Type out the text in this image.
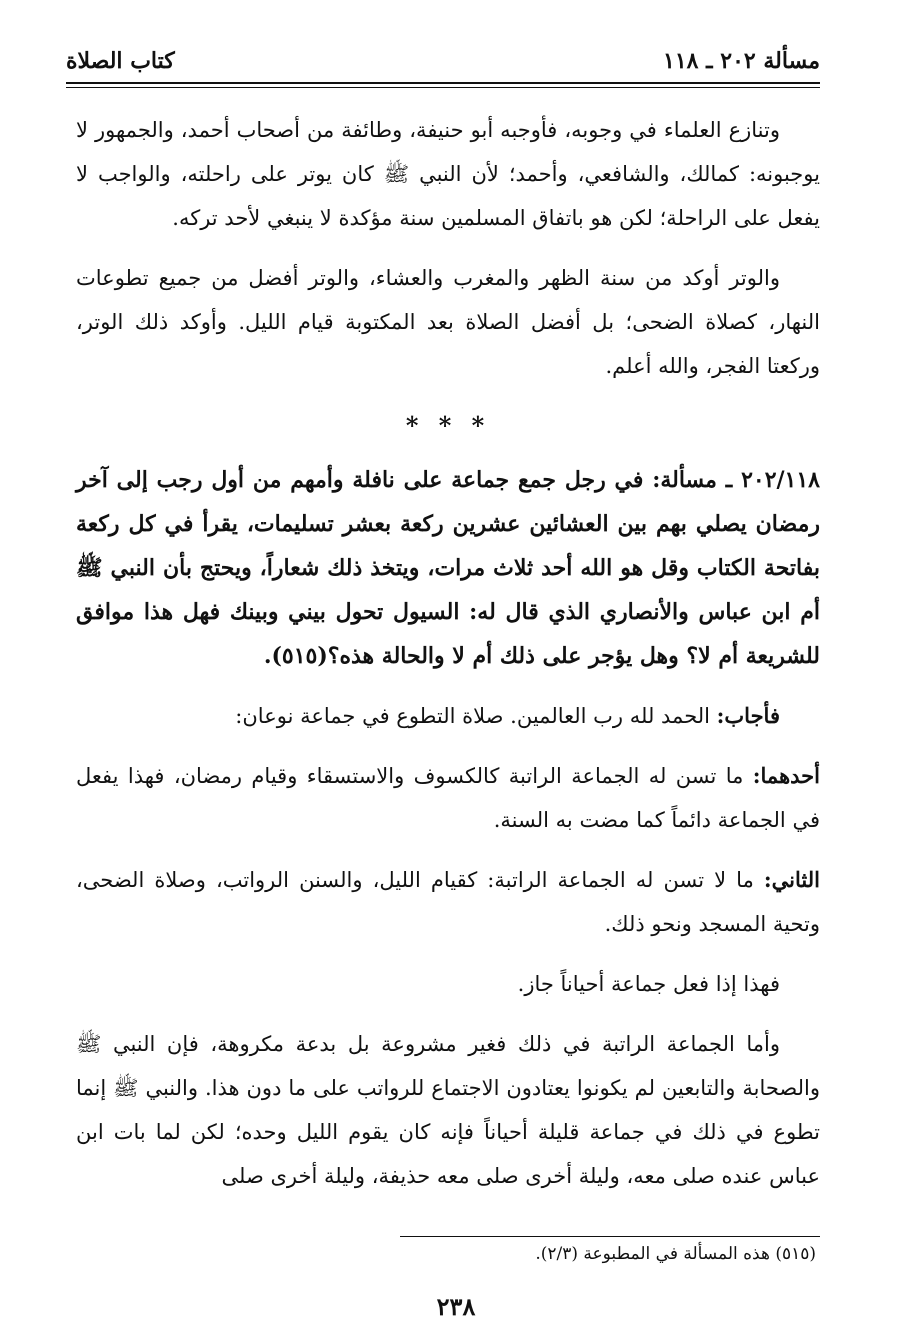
مسألة ٢٠٢ ـ ١١٨
كتاب الصلاة

وتنازع العلماء في وجوبه، فأوجبه أبو حنيفة، وطائفة من أصحاب أحمد، والجمهور لا يوجبونه: كمالك، والشافعي، وأحمد؛ لأن النبي ﷺ كان يوتر على راحلته، والواجب لا يفعل على الراحلة؛ لكن هو باتفاق المسلمين سنة مؤكدة لا ينبغي لأحد تركه.

والوتر أوكد من سنة الظهر والمغرب والعشاء، والوتر أفضل من جميع تطوعات النهار، كصلاة الضحى؛ بل أفضل الصلاة بعد المكتوبة قيام الليل. وأوكد ذلك الوتر، وركعتا الفجر، والله أعلم.

* * *

٢٠٢/١١٨ ـ مسألة: في رجل جمع جماعة على نافلة وأمهم من أول رجب إلى آخر رمضان يصلي بهم بين العشائين عشرين ركعة بعشر تسليمات، يقرأ في كل ركعة بفاتحة الكتاب وقل هو الله أحد ثلاث مرات، ويتخذ ذلك شعاراً، ويحتج بأن النبي ﷺ أم ابن عباس والأنصاري الذي قال له: السيول تحول بيني وبينك فهل هذا موافق للشريعة أم لا؟ وهل يؤجر على ذلك أم لا والحالة هذه؟(٥١٥).

فأجاب: الحمد لله رب العالمين. صلاة التطوع في جماعة نوعان:

أحدهما: ما تسن له الجماعة الراتبة كالكسوف والاستسقاء وقيام رمضان، فهذا يفعل في الجماعة دائماً كما مضت به السنة.

الثاني: ما لا تسن له الجماعة الراتبة: كقيام الليل، والسنن الرواتب، وصلاة الضحى، وتحية المسجد ونحو ذلك.

فهذا إذا فعل جماعة أحياناً جاز.

وأما الجماعة الراتبة في ذلك فغير مشروعة بل بدعة مكروهة، فإن النبي ﷺ والصحابة والتابعين لم يكونوا يعتادون الاجتماع للرواتب على ما دون هذا. والنبي ﷺ إنما تطوع في ذلك في جماعة قليلة أحياناً فإنه كان يقوم الليل وحده؛ لكن لما بات ابن عباس عنده صلى معه، وليلة أخرى صلى معه حذيفة، وليلة أخرى صلى

(٥١٥) هذه المسألة في المطبوعة (٢/٣).
٢٣٨
